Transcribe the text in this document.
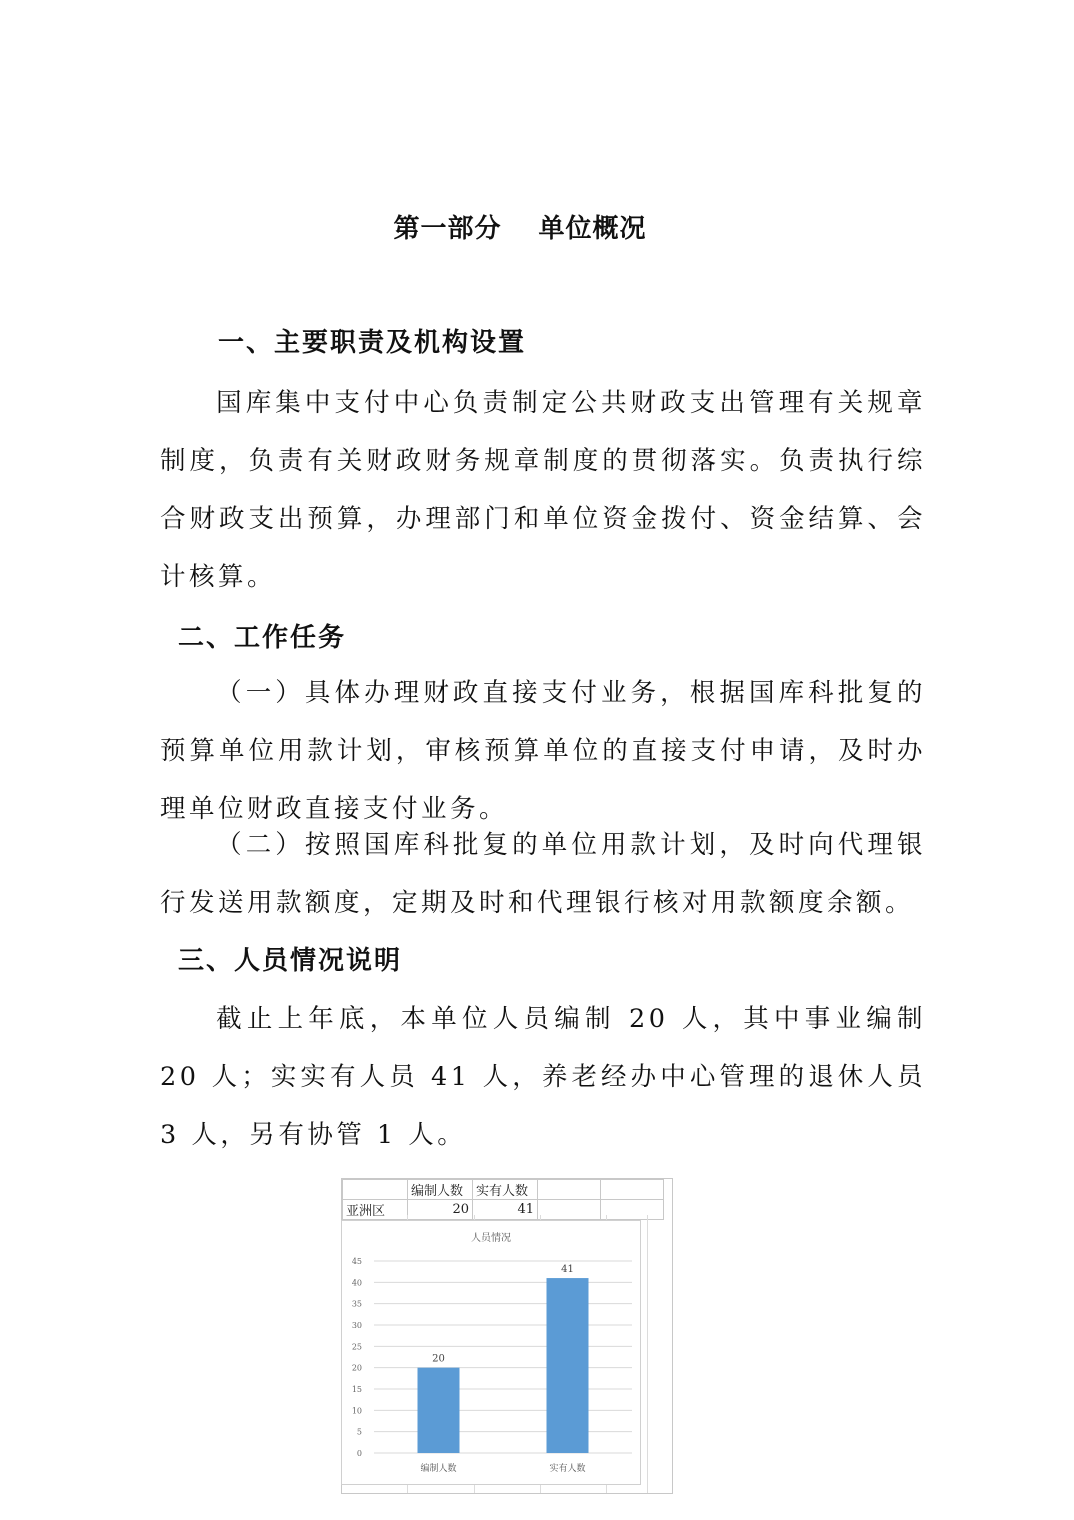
第一部分　 单位概况
一、主要职责及机构设置

国库集中支付中心负责制定公共财政支出管理有关规章制度，负责有关财政财务规章制度的贯彻落实。负责执行综合财政支出预算，办理部门和单位资金拨付、资金结算、会计核算。

二、工作任务

（一）具体办理财政直接支付业务，根据国库科批复的预算单位用款计划，审核预算单位的直接支付申请，及时办理单位财政直接支付业务。

（二）按照国库科批复的单位用款计划，及时向代理银行发送用款额度，定期及时和代理银行核对用款额度余额。

三、人员情况说明

截止上年底，本单位人员编制 20 人，其中事业编制 20 人；实实有人员 41 人，养老经办中心管理的退休人员 3 人，另有协管 1 人。

	编制人数	实有人数		
亚洲区	20	41		
人员情况
0
5
10
15
20
25
30
35
40
45
20
编制人数
41
实有人数
